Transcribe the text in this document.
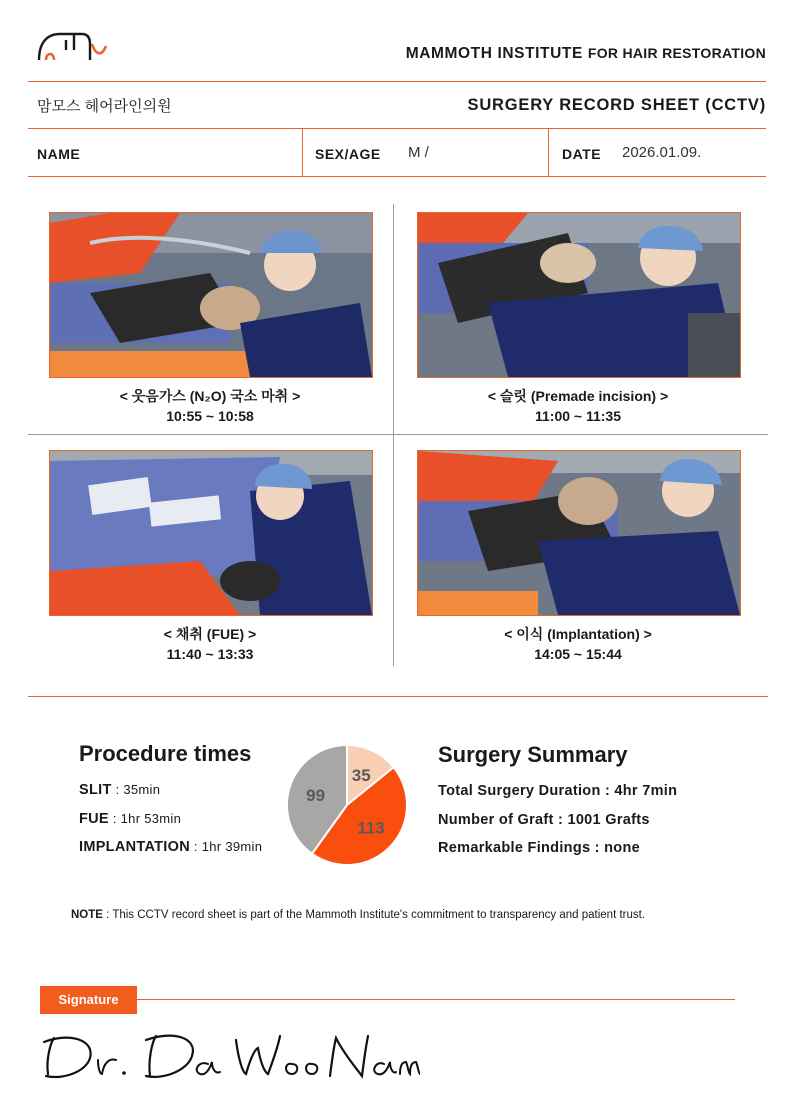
MAMMOTH INSTITUTE FOR HAIR RESTORATION
맘모스 헤어라인의원	SURGERY RECORD SHEET (CCTV)
NAME	SEX/AGE M /	DATE 2026.01.09.
< 웃음가스 (N₂O) 국소 마취 >
10:55 ~ 10:58
< 슬릿 (Premade incision) >
11:00 ~ 11:35
< 채취 (FUE) >
11:40 ~ 13:33
< 이식 (Implantation) >
14:05 ~ 15:44
Procedure times
SLIT : 35min
FUE : 1hr 53min
IMPLANTATION : 1hr 39min
35
113
99
Surgery Summary
Total Surgery Duration : 4hr 7min
Number of Graft : 1001 Grafts
Remarkable Findings : none
NOTE : This CCTV record sheet is part of the Mammoth Institute's commitment to transparency and patient trust.
Signature
